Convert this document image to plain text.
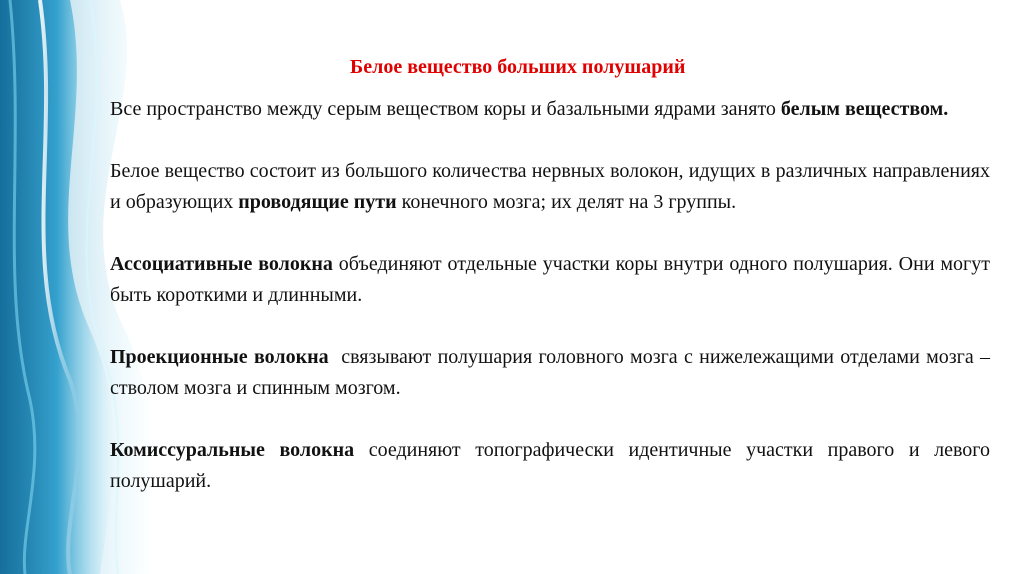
Белое вещество больших полушарий

Все пространство между серым веществом коры и базальными ядрами занято белым веществом.

Белое вещество состоит из большого количества нервных волокон, идущих в различных направлениях и образующих проводящие пути конечного мозга; их делят на 3 группы.

Ассоциативные волокна объединяют отдельные участки коры внутри одного полушария. Они могут быть короткими и длинными.

Проекционные волокна  связывают полушария головного мозга с нижележащими отделами мозга – стволом мозга и спинным мозгом.

Комиссуральные волокна соединяют топографически идентичные участки правого и левого полушарий.
